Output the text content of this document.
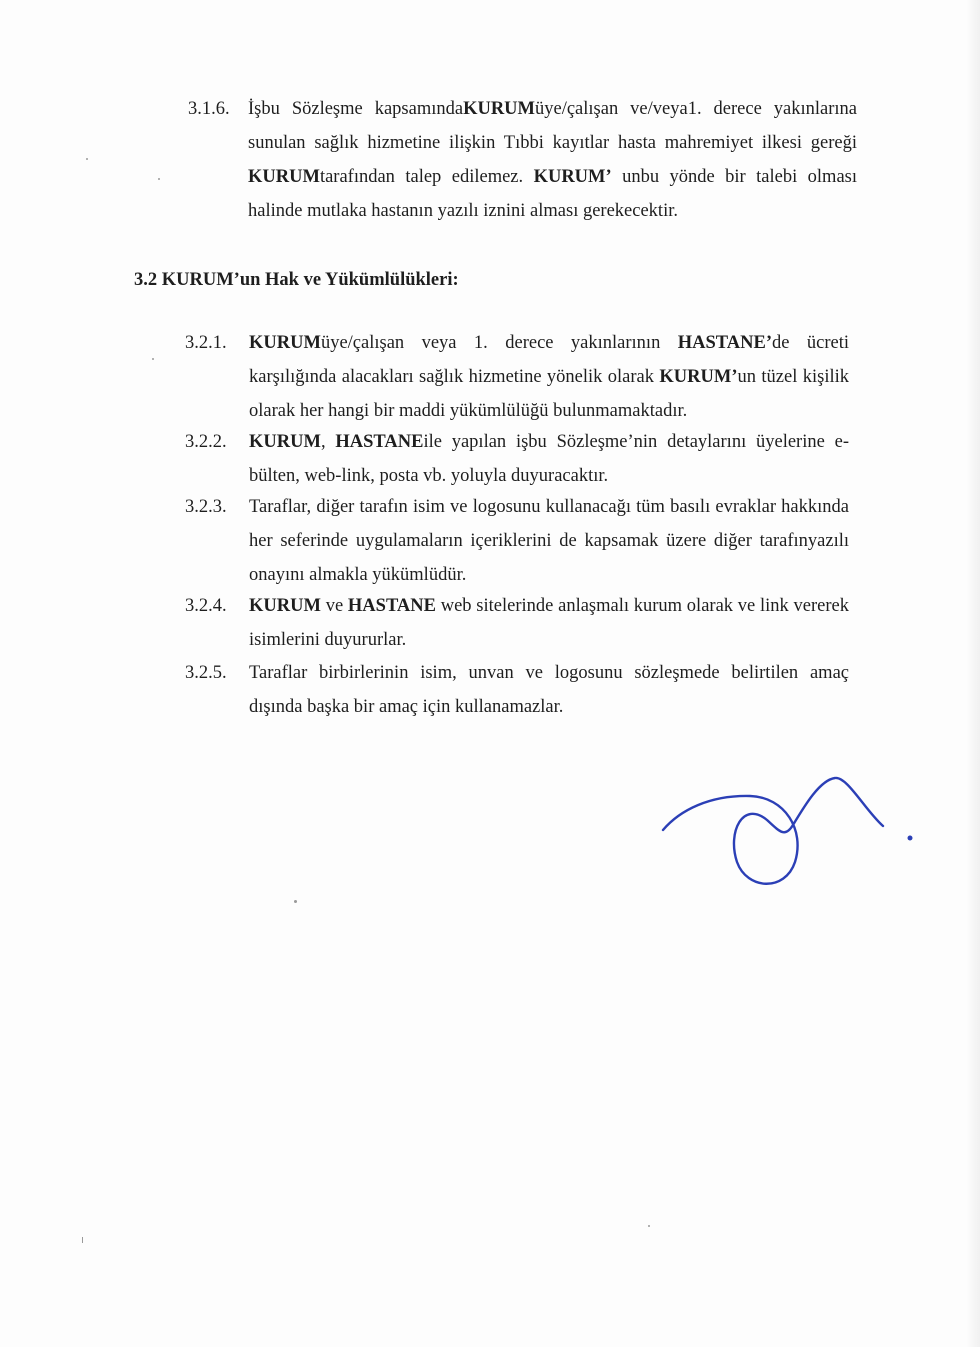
3.1.6. İşbu Sözleşme kapsamındaKURUMüye/çalışan ve/veya1. derece yakınlarına sunulan sağlık hizmetine ilişkin Tıbbi kayıtlar hasta mahremiyet ilkesi gereği KURUMtarafından talep edilemez. KURUM’ unbu yönde bir talebi olması halinde mutlaka hastanın yazılı iznini alması gerekecektir.
3.2 KURUM’un Hak ve Yükümlülükleri:
3.2.1. KURUMüye/çalışan veya 1. derece yakınlarının HASTANE’de ücreti karşılığında alacakları sağlık hizmetine yönelik olarak KURUM’un tüzel kişilik olarak her hangi bir maddi yükümlülüğü bulunmamaktadır.
3.2.2. KURUM, HASTANEile yapılan işbu Sözleşme’nin detaylarını üyelerine e-bülten, web-link, posta vb. yoluyla duyuracaktır.
3.2.3. Taraflar, diğer tarafın isim ve logosunu kullanacağı tüm basılı evraklar hakkında her seferinde uygulamaların içeriklerini de kapsamak üzere diğer tarafınyazılı onayını almakla yükümlüdür.
3.2.4. KURUM ve HASTANE web sitelerinde anlaşmalı kurum olarak ve link vererek isimlerini duyururlar.
3.2.5. Taraflar birbirlerinin isim, unvan ve logosunu sözleşmede belirtilen amaç dışında başka bir amaç için kullanamazlar.
